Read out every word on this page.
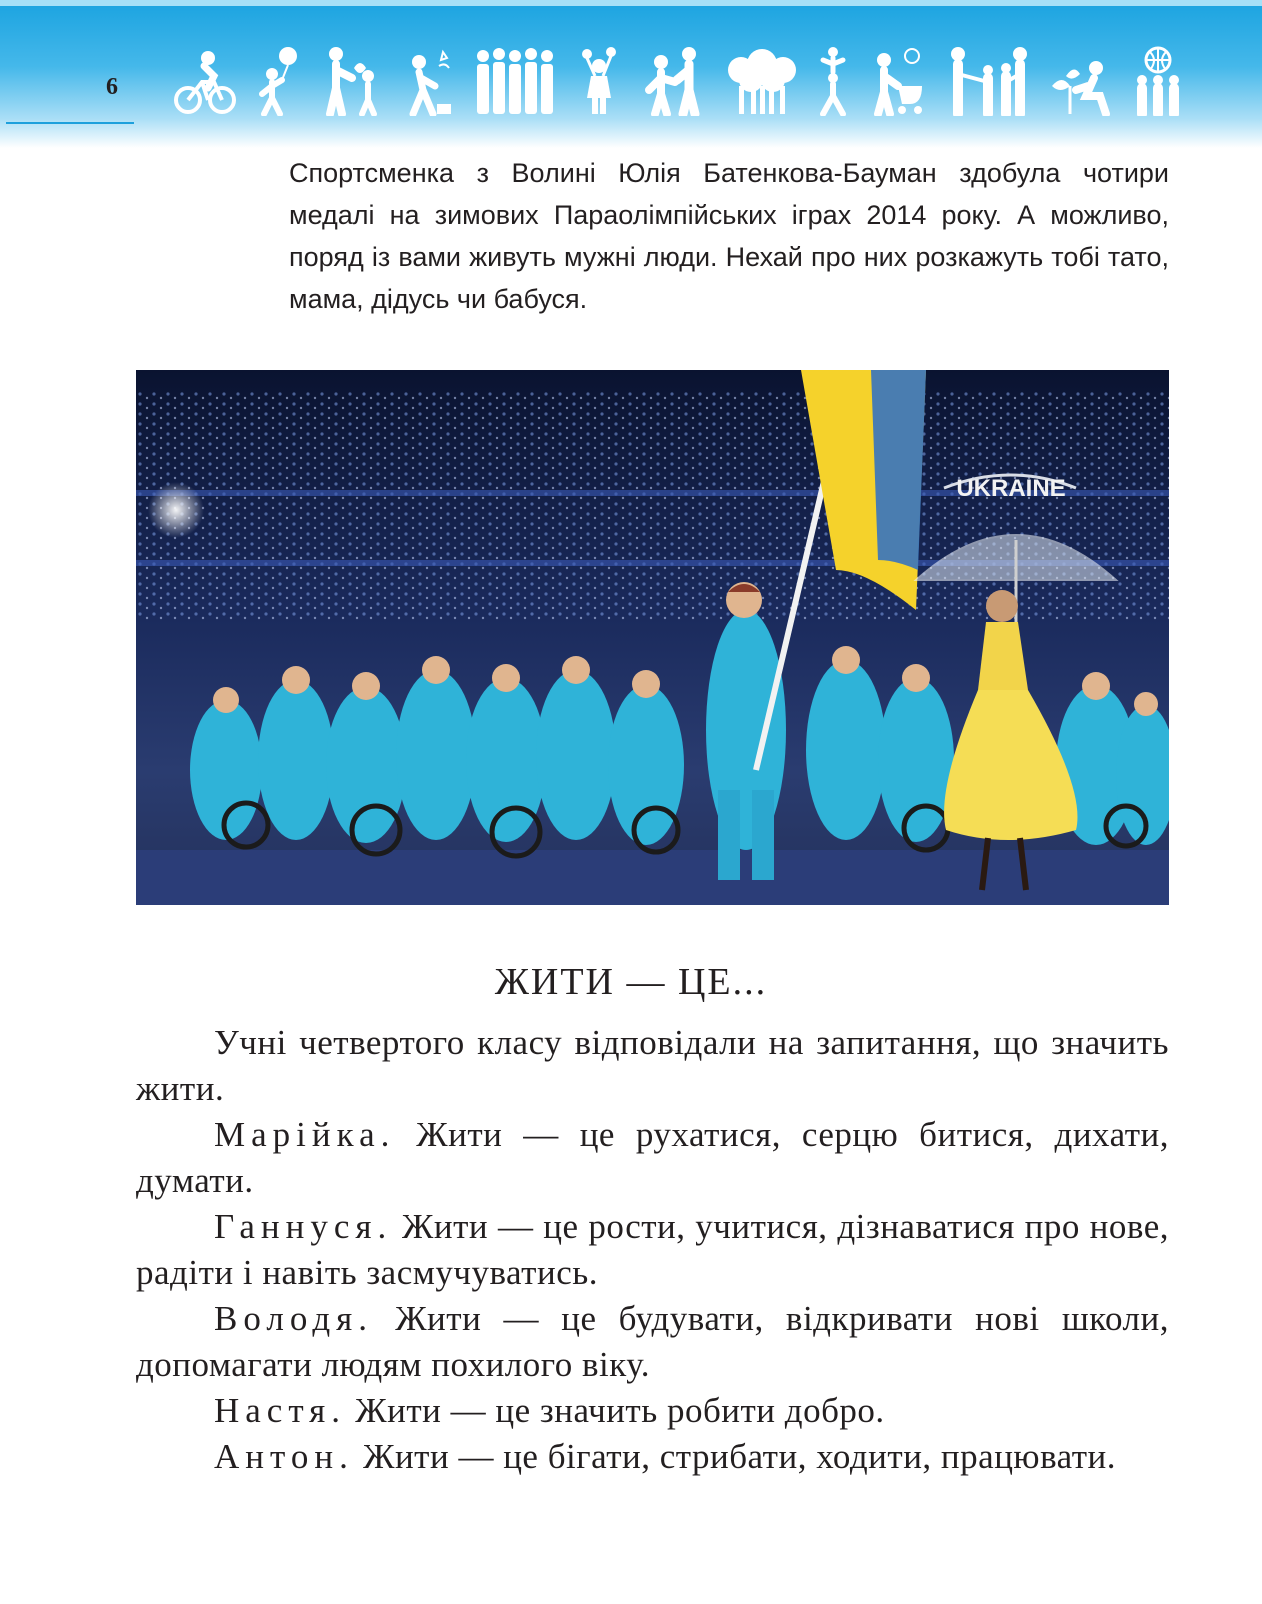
6

Спортсменка з Волині Юлія Батенкова-Бауман здобула чотири медалі на зимових Параолімпійських іграх 2014 року. А можливо, поряд із вами живуть мужні люди. Нехай про них розкажуть тобі тато, мама, дідусь чи бабуся.

UKRAINE
ЖИТИ — ЦЕ...

Учні четвертого класу відповідали на запитання, що значить жити.

Марійка. Жити — це рухатися, серцю битися, дихати, думати.

Ганнуся. Жити — це рости, учитися, дізнаватися про нове, радіти і навіть засмучуватись.

Володя. Жити — це будувати, відкривати нові школи, допомагати людям похилого віку.

Настя. Жити — це значить робити добро.

Антон. Жити — це бігати, стрибати, ходити, працювати.
